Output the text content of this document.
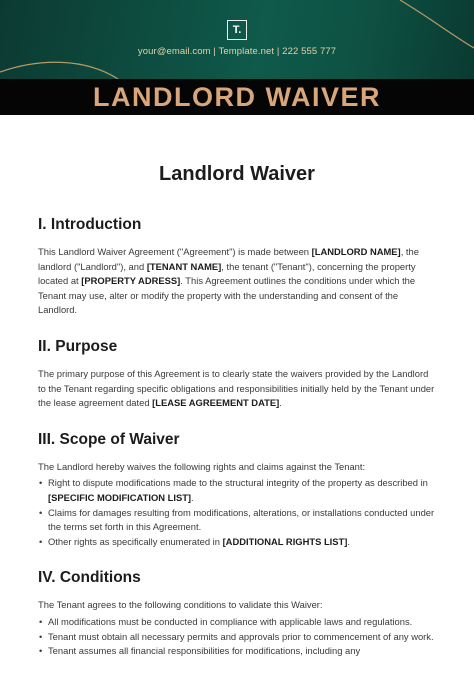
T.
your@email.com | Template.net | 222 555 777
LANDLORD WAIVER
Landlord Waiver
I. Introduction

This Landlord Waiver Agreement ("Agreement") is made between [LANDLORD NAME], the landlord ("Landlord"), and [TENANT NAME], the tenant ("Tenant"), concerning the property located at [PROPERTY ADRESS]. This Agreement outlines the conditions under which the Tenant may use, alter or modify the property with the understanding and consent of the Landlord.

II. Purpose

The primary purpose of this Agreement is to clearly state the waivers provided by the Landlord to the Tenant regarding specific obligations and responsibilities initially held by the Tenant under the lease agreement dated [LEASE AGREEMENT DATE].

III. Scope of Waiver

The Landlord hereby waives the following rights and claims against the Tenant:

• Right to dispute modifications made to the structural integrity of the property as described in [SPECIFIC MODIFICATION LIST].
• Claims for damages resulting from modifications, alterations, or installations conducted under the terms set forth in this Agreement.
• Other rights as specifically enumerated in [ADDITIONAL RIGHTS LIST].
IV. Conditions

The Tenant agrees to the following conditions to validate this Waiver:

• All modifications must be conducted in compliance with applicable laws and regulations.
• Tenant must obtain all necessary permits and approvals prior to commencement of any work.
• Tenant assumes all financial responsibilities for modifications, including any
